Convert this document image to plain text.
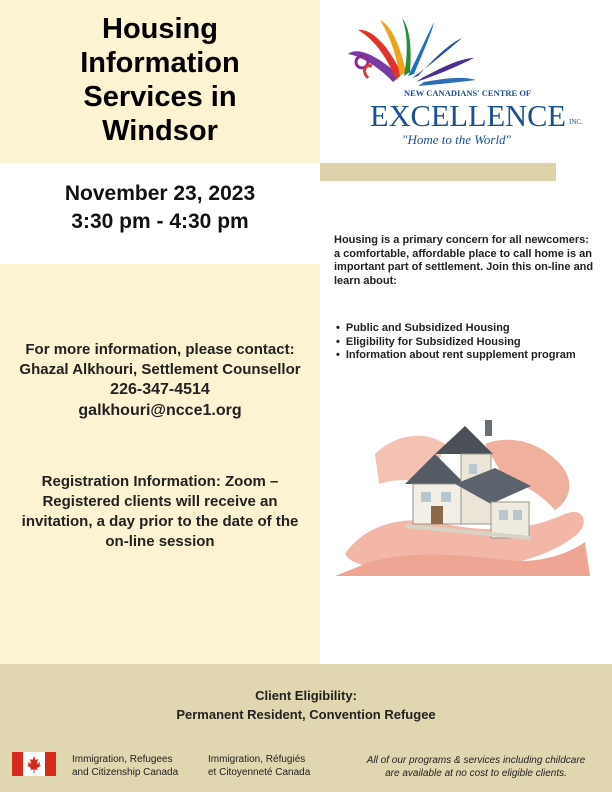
Housing
Information
Services in
Windsor
November 23, 2023
3:30 pm - 4:30 pm
For more information, please contact:
Ghazal Alkhouri, Settlement Counsellor
226-347-4514
galkhouri@ncce1.org
Registration Information: Zoom –
Registered clients will receive an
invitation, a day prior to the date of the
on-line session
NEW CANADIANS' CENTRE OF
EXCELLENCE INC.
"Home to the World"
Housing is a primary concern for all newcomers: a comfortable, affordable place to call home is an important part of settlement. Join this on-line and learn about:
• Public and Subsidized Housing
• Eligibility for Subsidized Housing
• Information about rent supplement program
Client Eligibility:
Permanent Resident, Convention Refugee
Immigration, Refugees
and Citizenship Canada
Immigration, Réfugiés
et Citoyenneté Canada
All of our programs & services including childcare
are available at no cost to eligible clients.
